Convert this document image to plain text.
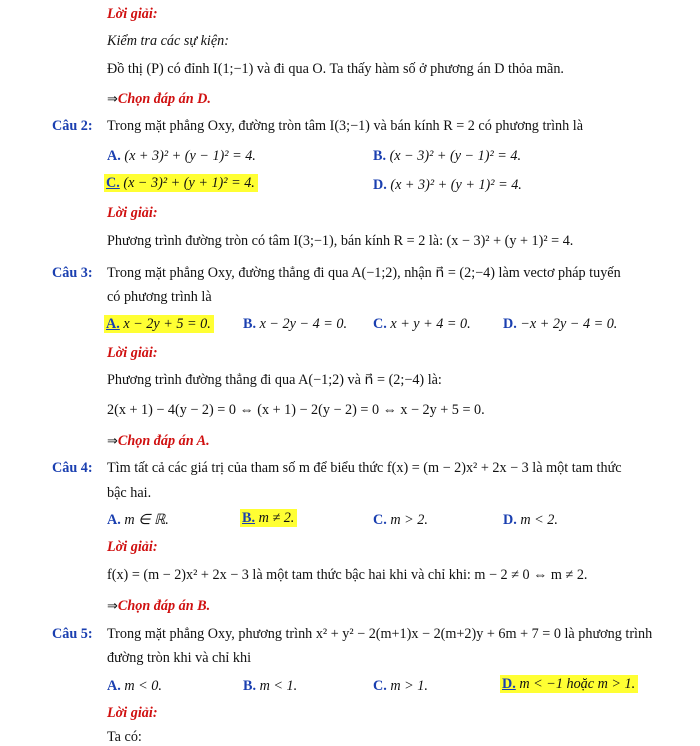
Lời giải:
Kiểm tra các sự kiện:
Đồ thị (P) có đỉnh I(1;−1) và đi qua O. Ta thấy hàm số ở phương án D thỏa mãn.
⇒Chọn đáp án D.
Câu 2: Trong mặt phẳng Oxy, đường tròn tâm I(3;−1) và bán kính R = 2 có phương trình là
A. (x + 3)² + (y − 1)² = 4.	B. (x − 3)² + (y − 1)² = 4.
C. (x − 3)² + (y + 1)² = 4.	D. (x + 3)² + (y + 1)² = 4.
Lời giải:
Phương trình đường tròn có tâm I(3;−1), bán kính R = 2 là: (x − 3)² + (y + 1)² = 4.
Câu 3: Trong mặt phẳng Oxy, đường thẳng đi qua A(−1;2), nhận n⃗ = (2;−4) làm vectơ pháp tuyến
có phương trình là
A. x − 2y + 5 = 0. B. x − 2y − 4 = 0. C. x + y + 4 = 0. D. −x + 2y − 4 = 0.
Lời giải:
Phương trình đường thẳng đi qua A(−1;2) và n⃗ = (2;−4) là:
2(x + 1) − 4(y − 2) = 0 ⇔ (x + 1) − 2(y − 2) = 0 ⇔ x − 2y + 5 = 0.
⇒Chọn đáp án A.
Câu 4: Tìm tất cả các giá trị của tham số m để biểu thức f(x) = (m − 2)x² + 2x − 3 là một tam thức
bậc hai.
A. m ∈ ℝ.	B. m ≠ 2.	C. m > 2.	D. m < 2.
Lời giải:
f(x) = (m − 2)x² + 2x − 3 là một tam thức bậc hai khi và chỉ khi: m − 2 ≠ 0 ⇔ m ≠ 2.
⇒Chọn đáp án B.
Câu 5: Trong mặt phẳng Oxy, phương trình x² + y² − 2(m+1)x − 2(m+2)y + 6m + 7 = 0 là phương trình
đường tròn khi và chỉ khi
A. m < 0.	B. m < 1.	C. m > 1.	D. m < −1 hoặc m > 1.
Lời giải:
Ta có:
